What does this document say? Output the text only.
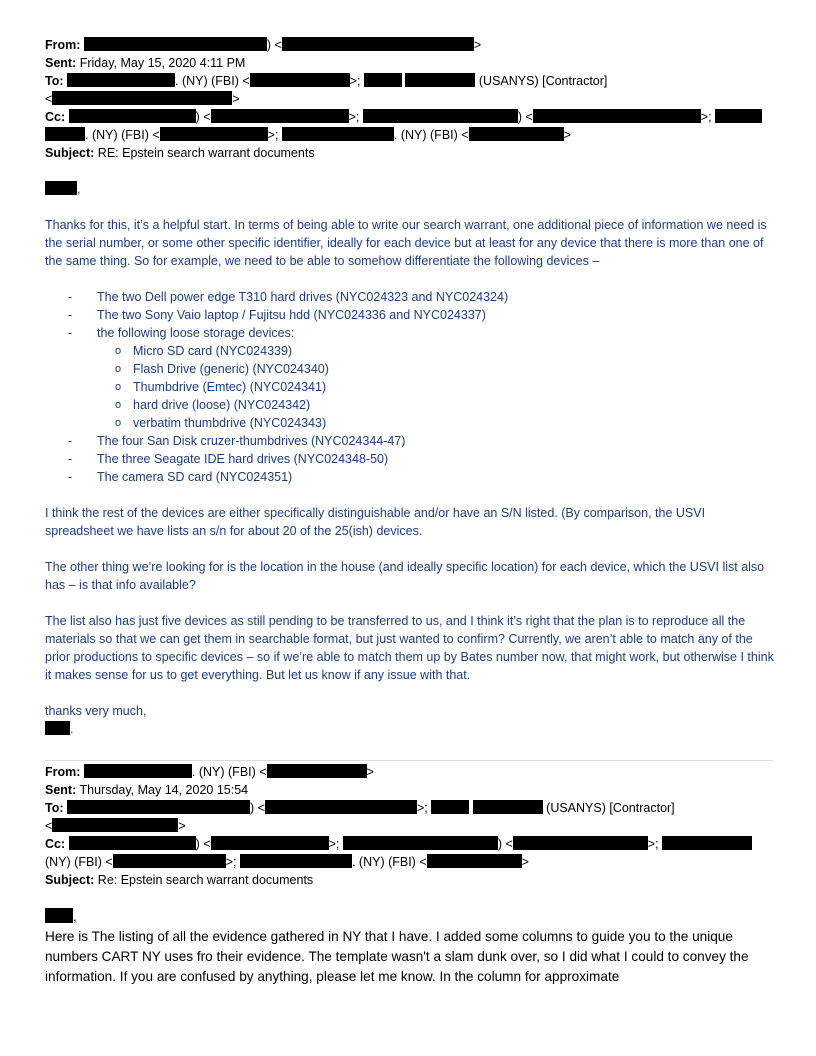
From:	) <	>
Sent: Friday, May 15, 2020 4:11 PM
To:	. (NY) (FBI) <	>;	(USANYS) [Contractor]
<	>
Cc:	) <	>;	) <	>;
. (NY) (FBI) <	>;	. (NY) (FBI) <	>
Subject: RE: Epstein search warrant documents
,
Thanks for this, it’s a helpful start. In terms of being able to write our search warrant, one additional piece of information we need is the serial number, or some other specific identifier, ideally for each device but at least for any device that there is more than one of the same thing. So for example, we need to be able to somehow differentiate the following devices –
- The two Dell power edge T310 hard drives (NYC024323 and NYC024324)
- The two Sony Vaio laptop / Fujitsu hdd (NYC024336 and NYC024337)
- the following loose storage devices:
o Micro SD card (NYC024339)
o Flash Drive (generic) (NYC024340)
o Thumbdrive (Emtec) (NYC024341)
o hard drive (loose) (NYC024342)
o verbatim thumbdrive (NYC024343)
- The four San Disk cruzer-thumbdrives (NYC024344-47)
- The three Seagate IDE hard drives (NYC024348-50)
- The camera SD card (NYC024351)
I think the rest of the devices are either specifically distinguishable and/or have an S/N listed. (By comparison, the USVI spreadsheet we have lists an s/n for about 20 of the 25(ish) devices.
The other thing we’re looking for is the location in the house (and ideally specific location) for each device, which the USVI list also has – is that info available?
The list also has just five devices as still pending to be transferred to us, and I think it’s right that the plan is to reproduce all the materials so that we can get them in searchable format, but just wanted to confirm? Currently, we aren’t able to match any of the prior productions to specific devices – so if we’re able to match them up by Bates number now, that might work, but otherwise I think it makes sense for us to get everything. But let us know if any issue with that.
thanks very much,
.
From:	. (NY) (FBI) <	>
Sent: Thursday, May 14, 2020 15:54
To:	) <	>;	(USANYS) [Contractor]
<	>
Cc:	) <	>;	) <	>;
(NY) (FBI) <	>;	. (NY) (FBI) <	>
Subject: Re: Epstein search warrant documents
,
Here is The listing of all the evidence gathered in NY that I have. I added some columns to guide you to the unique numbers CART NY uses fro their evidence. The template wasn't a slam dunk over, so I did what I could to convey the information. If you are confused by anything, please let me know. In the column for approximate
